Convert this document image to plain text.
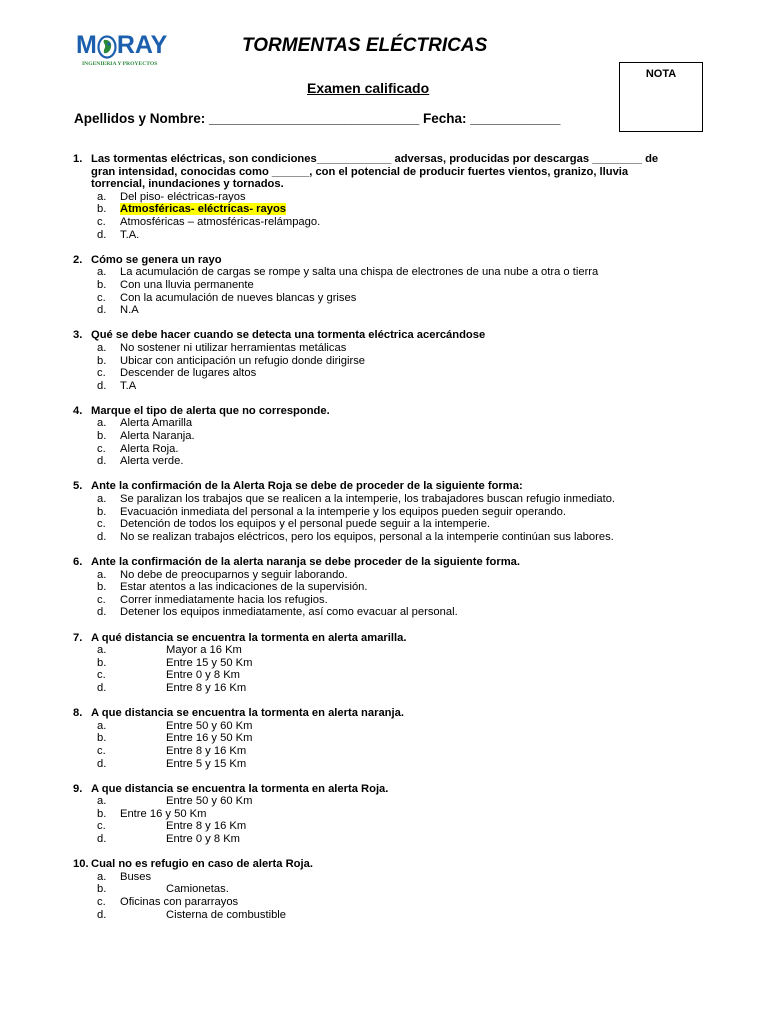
M RAY
INGENIERIA Y PROYECTOS
TORMENTAS ELÉCTRICAS
NOTA
Examen calificado
Apellidos y Nombre: ____________________________ Fecha: ____________
1. Las tormentas eléctricas, son condiciones____________ adversas, producidas por descargas ________ de gran intensidad, conocidas como ______, con el potencial de producir fuertes vientos, granizo, lluvia torrencial, inundaciones y tornados.
a. Del piso- eléctricas-rayos
b. Atmosféricas- eléctricas- rayos
c. Atmosféricas – atmosféricas-relámpago.
d. T.A.
2. Cómo se genera un rayo
a. La acumulación de cargas se rompe y salta una chispa de electrones de una nube a otra o tierra
b. Con una lluvia permanente
c. Con la acumulación de nueves blancas y grises
d. N.A
3. Qué se debe hacer cuando se detecta una tormenta eléctrica acercándose
a. No sostener ni utilizar herramientas metálicas
b. Ubicar con anticipación un refugio donde dirigirse
c. Descender de lugares altos
d. T.A
4. Marque el tipo de alerta que no corresponde.
a. Alerta Amarilla
b. Alerta Naranja.
c. Alerta Roja.
d. Alerta verde.
5. Ante la confirmación de la Alerta Roja se debe de proceder de la siguiente forma:
a. Se paralizan los trabajos que se realicen a la intemperie, los trabajadores buscan refugio inmediato.
b. Evacuación inmediata del personal a la intemperie y los equipos pueden seguir operando.
c. Detención de todos los equipos y el personal puede seguir a la intemperie.
d. No se realizan trabajos eléctricos, pero los equipos, personal a la intemperie continúan sus labores.
6. Ante la confirmación de la alerta naranja se debe proceder de la siguiente forma.
a. No debe de preocuparnos y seguir laborando.
b. Estar atentos a las indicaciones de la supervisión.
c. Correr inmediatamente hacia los refugios.
d. Detener los equipos inmediatamente, así como evacuar al personal.
7. A qué distancia se encuentra la tormenta en alerta amarilla.
a.	Mayor a 16 Km
b.	Entre 15 y 50 Km
c.	Entre 0 y 8 Km
d.	Entre 8 y 16 Km
8. A que distancia se encuentra la tormenta en alerta naranja.
a.	Entre 50 y 60 Km
b.	Entre 16 y 50 Km
c.	Entre 8 y 16 Km
d.	Entre 5 y 15 Km
9. A que distancia se encuentra la tormenta en alerta Roja.
a.	Entre 50 y 60 Km
b. Entre 16 y 50 Km
c.	Entre 8 y 16 Km
d.	Entre 0 y 8 Km
10. Cual no es refugio en caso de alerta Roja.
a. Buses
b.	Camionetas.
c. Oficinas con pararrayos
d.	Cisterna de combustible
